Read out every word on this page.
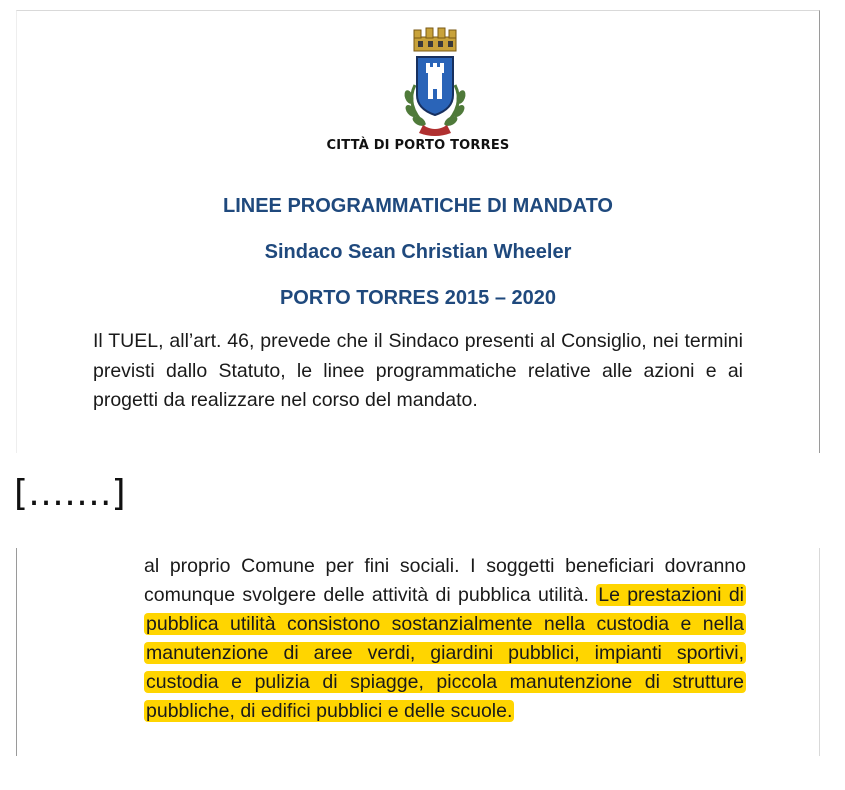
CITTÀ DI PORTO TORRES
LINEE PROGRAMMATICHE DI MANDATO
Sindaco Sean Christian Wheeler
PORTO TORRES 2015 – 2020
Il TUEL, all’art. 46, prevede che il Sindaco presenti al Consiglio, nei termini previsti dallo Statuto, le linee programmatiche relative alle azioni e ai progetti da realizzare nel corso del mandato.
[…….]
al proprio Comune per fini sociali. I soggetti beneficiari dovranno comunque svolgere delle attività di pubblica utilità. Le prestazioni di pubblica utilità consistono sostanzialmente nella custodia e nella manutenzione di aree verdi, giardini pubblici, impianti sportivi, custodia e pulizia di spiagge, piccola manutenzione di strutture pubbliche, di edifici pubblici e delle scuole.
